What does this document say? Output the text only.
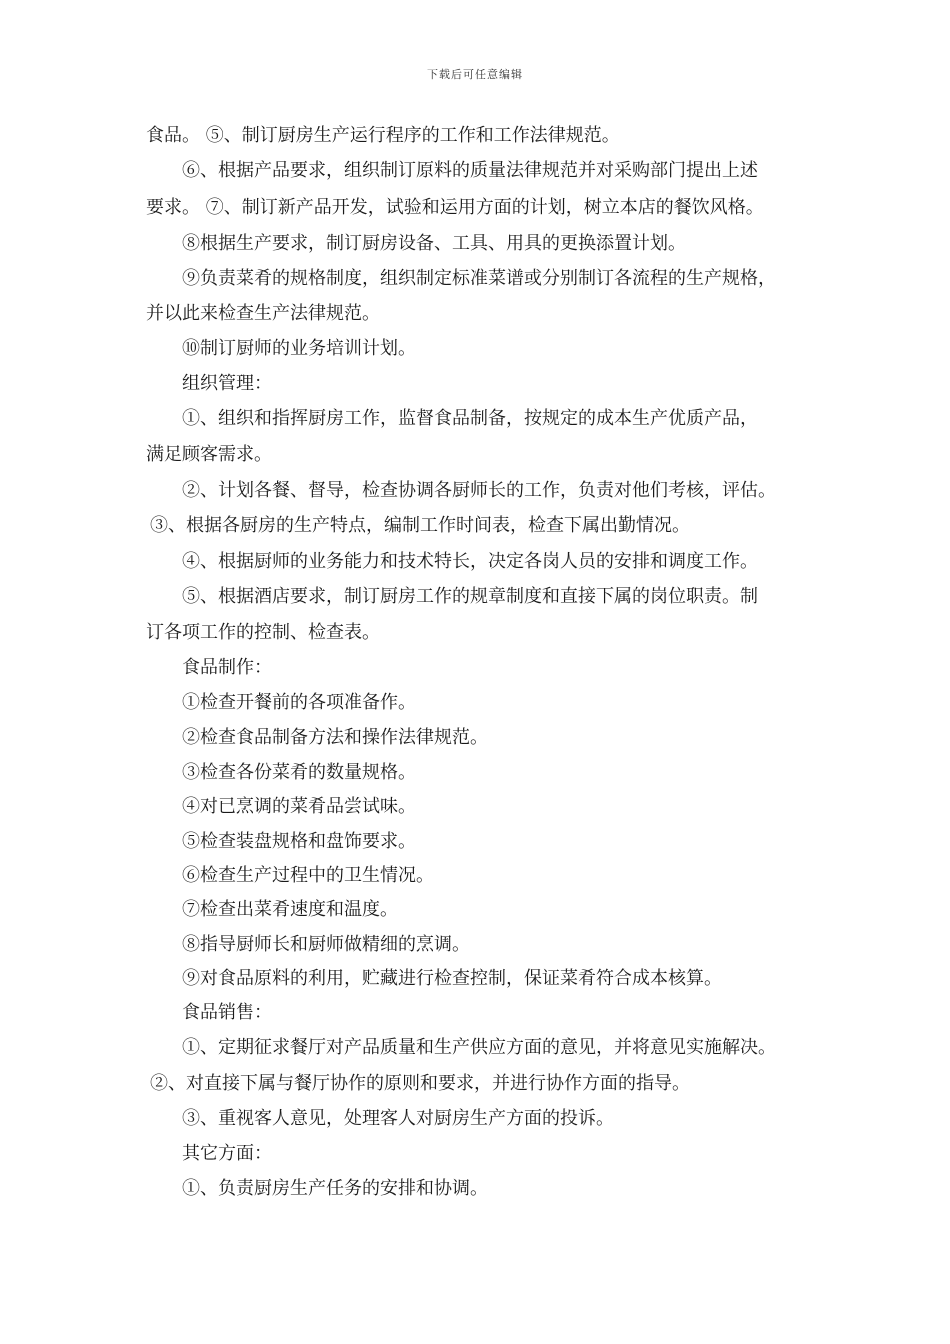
下载后可任意编辑
食品。 ⑤、制订厨房生产运行程序的工作和工作法律规范。
⑥、根据产品要求，组织制订原料的质量法律规范并对采购部门提出上述
要求。 ⑦、制订新产品开发，试验和运用方面的计划，树立本店的餐饮风格。
⑧根据生产要求，制订厨房设备、工具、用具的更换添置计划。
⑨负责菜肴的规格制度，组织制定标准菜谱或分别制订各流程的生产规格，
并以此来检查生产法律规范。
⑩制订厨师的业务培训计划。
组织管理：
①、组织和指挥厨房工作，监督食品制备，按规定的成本生产优质产品，
满足顾客需求。
②、计划各餐、督导，检查协调各厨师长的工作，负责对他们考核，评估。
③、根据各厨房的生产特点，编制工作时间表，检查下属出勤情况。
④、根据厨师的业务能力和技术特长，决定各岗人员的安排和调度工作。
⑤、根据酒店要求，制订厨房工作的规章制度和直接下属的岗位职责。制
订各项工作的控制、检查表。
食品制作：
①检查开餐前的各项准备作。
②检查食品制备方法和操作法律规范。
③检查各份菜肴的数量规格。
④对已烹调的菜肴品尝试味。
⑤检查装盘规格和盘饰要求。
⑥检查生产过程中的卫生情况。
⑦检查出菜肴速度和温度。
⑧指导厨师长和厨师做精细的烹调。
⑨对食品原料的利用，贮藏进行检查控制，保证菜肴符合成本核算。
食品销售：
①、定期征求餐厅对产品质量和生产供应方面的意见，并将意见实施解决。
②、对直接下属与餐厅协作的原则和要求，并进行协作方面的指导。
③、重视客人意见，处理客人对厨房生产方面的投诉。
其它方面：
①、负责厨房生产任务的安排和协调。
